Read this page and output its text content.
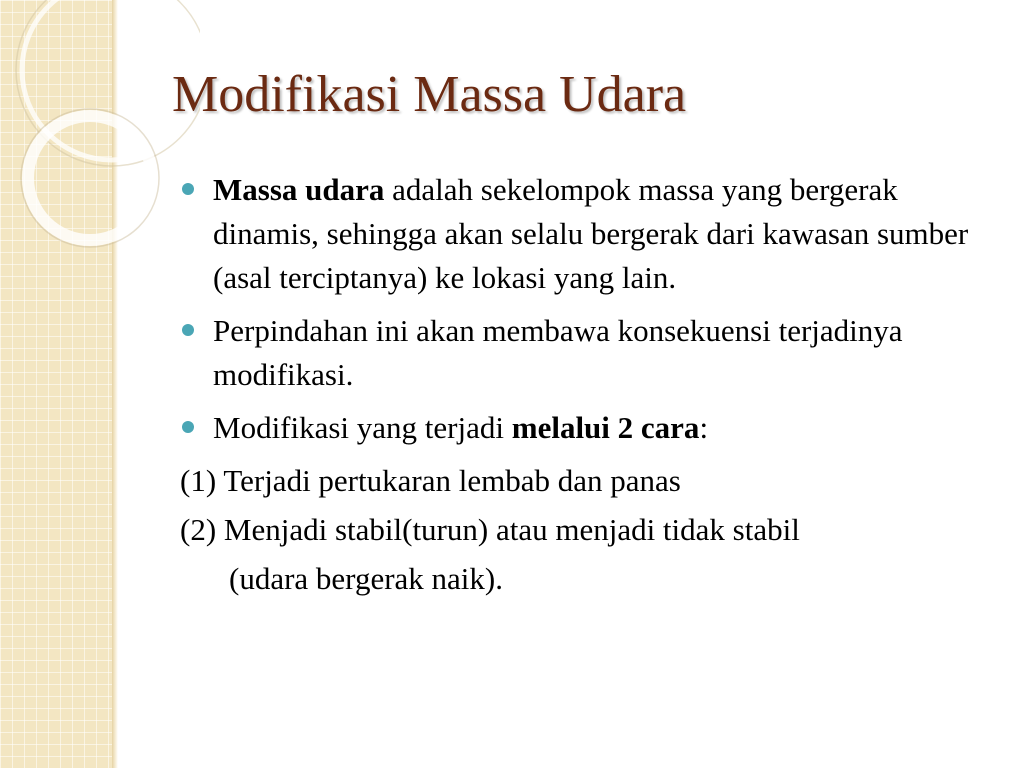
Modifikasi Massa Udara
Massa udara adalah sekelompok massa yang bergerak dinamis, sehingga akan selalu bergerak dari kawasan sumber (asal terciptanya) ke lokasi yang lain.
Perpindahan ini akan membawa konsekuensi terjadinya modifikasi.
Modifikasi yang terjadi melalui 2 cara:
(1) Terjadi pertukaran lembab dan panas
(2) Menjadi stabil(turun) atau menjadi tidak stabil
(udara bergerak naik).
